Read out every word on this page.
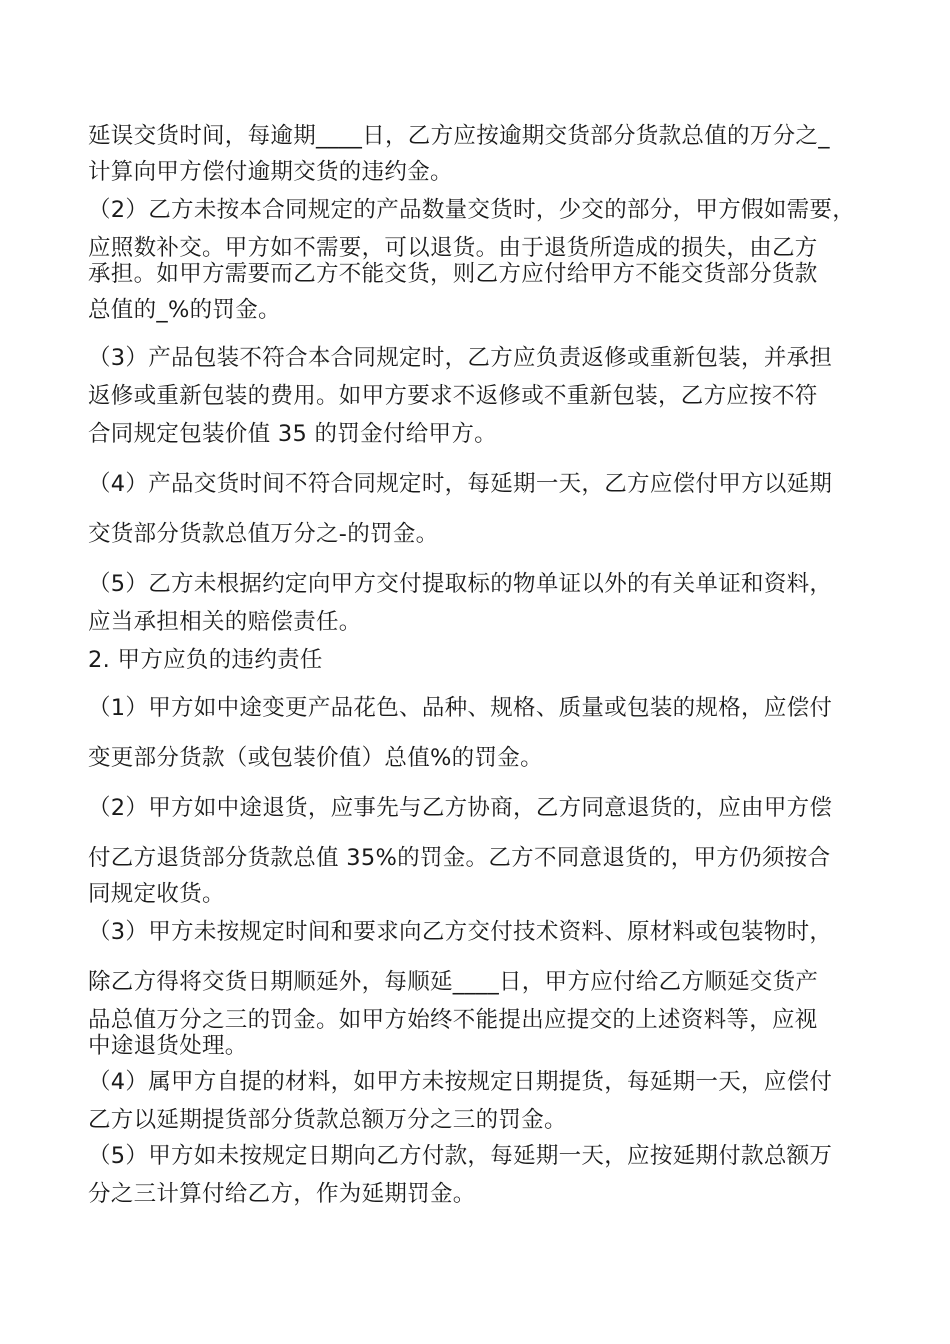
延误交货时间，每逾期____日，乙方应按逾期交货部分货款总值的万分之_
计算向甲方偿付逾期交货的违约金。
（2）乙方未按本合同规定的产品数量交货时，少交的部分，甲方假如需要，
应照数补交。甲方如不需要，可以退货。由于退货所造成的损失，由乙方
承担。如甲方需要而乙方不能交货，则乙方应付给甲方不能交货部分货款
总值的_%的罚金。
（3）产品包装不符合本合同规定时，乙方应负责返修或重新包装，并承担
返修或重新包装的费用。如甲方要求不返修或不重新包装，乙方应按不符
合同规定包装价值 35 的罚金付给甲方。
（4）产品交货时间不符合同规定时，每延期一天，乙方应偿付甲方以延期
交货部分货款总值万分之-的罚金。
（5）乙方未根据约定向甲方交付提取标的物单证以外的有关单证和资料，
应当承担相关的赔偿责任。
2. 甲方应负的违约责任
（1）甲方如中途变更产品花色、品种、规格、质量或包装的规格，应偿付
变更部分货款（或包装价值）总值%的罚金。
（2）甲方如中途退货，应事先与乙方协商，乙方同意退货的，应由甲方偿
付乙方退货部分货款总值 35%的罚金。乙方不同意退货的，甲方仍须按合
同规定收货。
（3）甲方未按规定时间和要求向乙方交付技术资料、原材料或包装物时，
除乙方得将交货日期顺延外，每顺延____日，甲方应付给乙方顺延交货产
品总值万分之三的罚金。如甲方始终不能提出应提交的上述资料等，应视
中途退货处理。
（4）属甲方自提的材料，如甲方未按规定日期提货，每延期一天，应偿付
乙方以延期提货部分货款总额万分之三的罚金。
（5）甲方如未按规定日期向乙方付款，每延期一天，应按延期付款总额万
分之三计算付给乙方，作为延期罚金。
